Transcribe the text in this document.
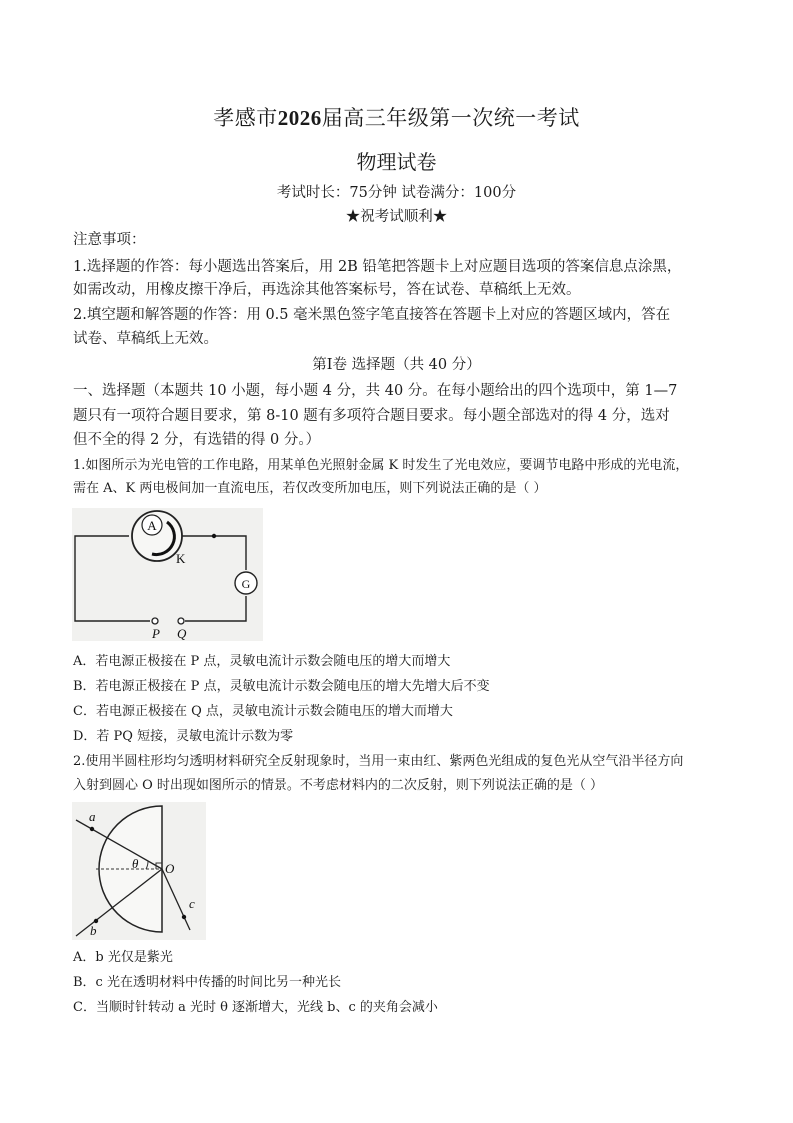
孝感市2026届高三年级第一次统一考试
物理试卷
考试时长：75分钟 试卷满分：100分
★祝考试顺利★
注意事项：
1.选择题的作答：每小题选出答案后，用 2B 铅笔把答题卡上对应题目选项的答案信息点涂黑，
如需改动，用橡皮擦干净后，再选涂其他答案标号，答在试卷、草稿纸上无效。
2.填空题和解答题的作答：用 0.5 毫米黑色签字笔直接答在答题卡上对应的答题区域内，答在
试卷、草稿纸上无效。
第Ⅰ卷 选择题（共 40 分）
一、选择题（本题共 10 小题，每小题 4 分，共 40 分。在每小题给出的四个选项中，第 1—7
题只有一项符合题目要求，第 8-10 题有多项符合题目要求。每小题全部选对的得 4 分，选对
但不全的得 2 分，有选错的得 0 分。）
1.如图所示为光电管的工作电路，用某单色光照射金属 K 时发生了光电效应，要调节电路中形成的光电流，
需在 A、K 两电极间加一直流电压，若仅改变所加电压，则下列说法正确的是（ ）
A
K
G
P Q
A．若电源正极接在 P 点，灵敏电流计示数会随电压的增大而增大
B．若电源正极接在 P 点，灵敏电流计示数会随电压的增大先增大后不变
C．若电源正极接在 Q 点，灵敏电流计示数会随电压的增大而增大
D．若 PQ 短接，灵敏电流计示数为零
2.使用半圆柱形均匀透明材料研究全反射现象时，当用一束由红、紫两色光组成的复色光从空气沿半径方向
入射到圆心 O 时出现如图所示的情景。不考虑材料内的二次反射，则下列说法正确的是（ ）
a
b
c
θ O
A．b 光仅是紫光
B．c 光在透明材料中传播的时间比另一种光长
C．当顺时针转动 a 光时 θ 逐渐增大，光线 b、c 的夹角会减小
